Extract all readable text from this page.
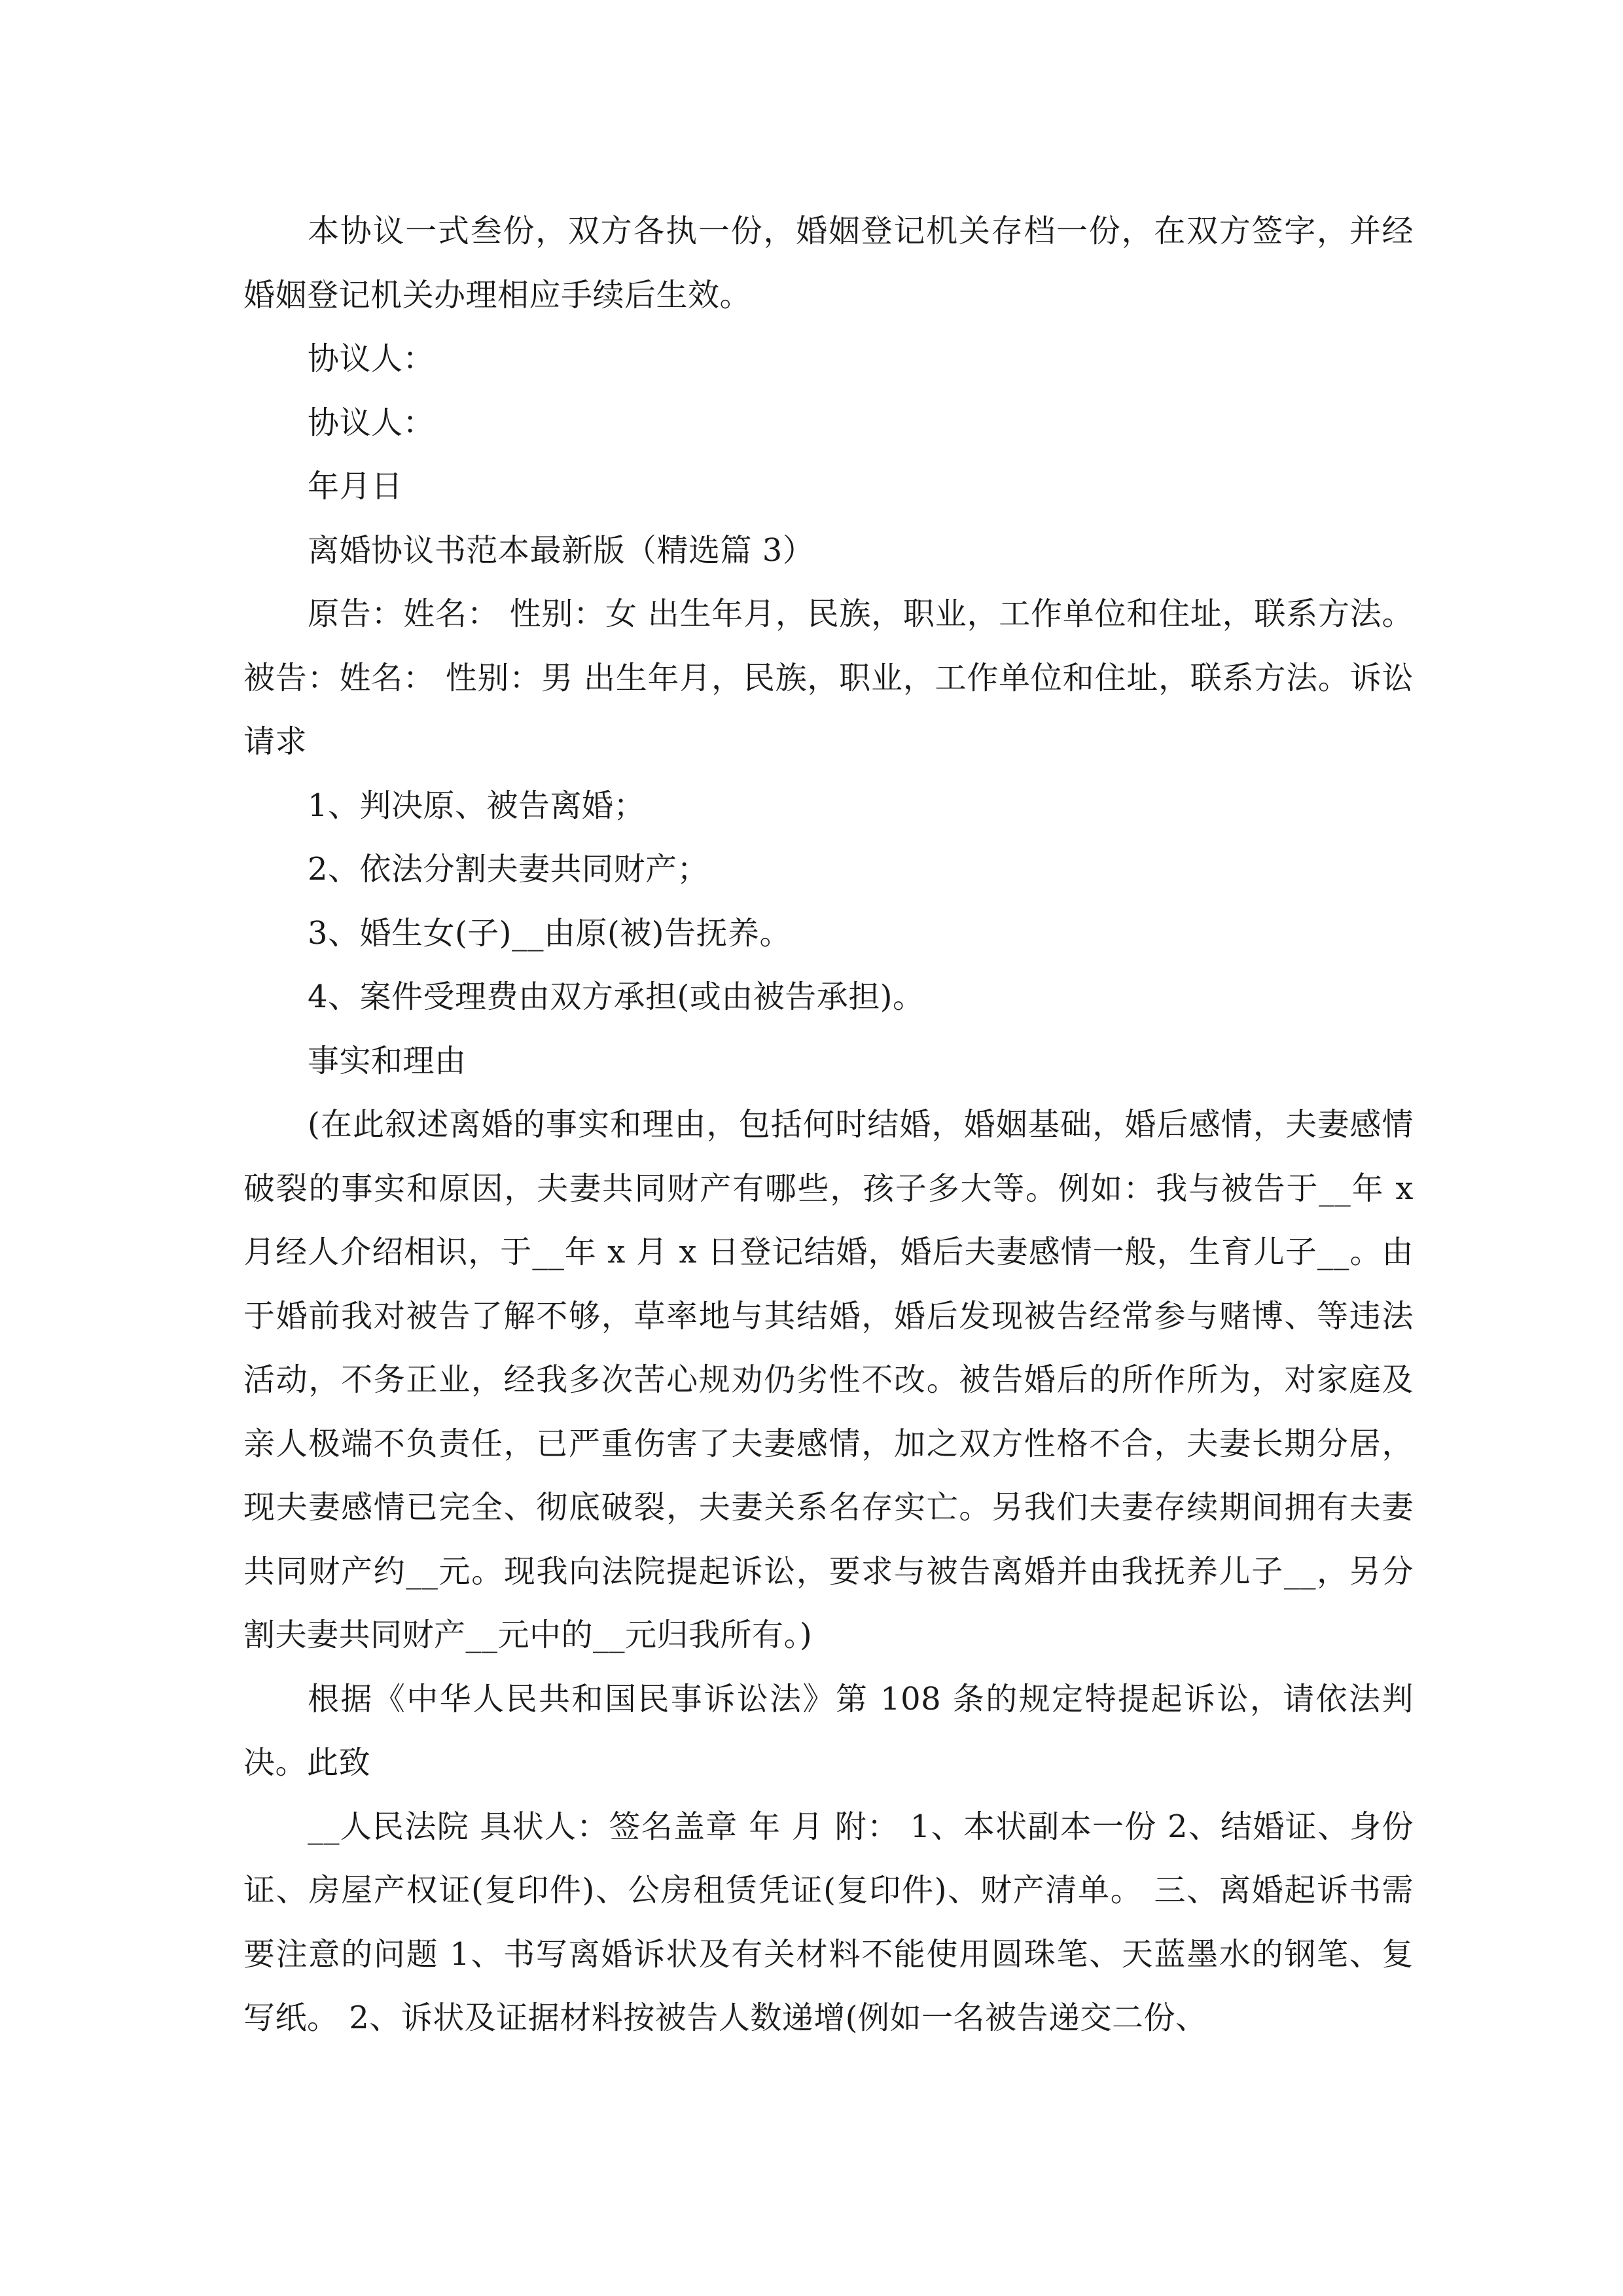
本协议一式叁份，双方各执一份，婚姻登记机关存档一份，在双方签字，并经婚姻登记机关办理相应手续后生效。

协议人：

协议人：

年月日

离婚协议书范本最新版（精选篇 3）

原告：姓名： 性别：女 出生年月，民族，职业，工作单位和住址，联系方法。被告：姓名： 性别：男 出生年月，民族，职业，工作单位和住址，联系方法。诉讼请求

1、判决原、被告离婚；

2、依法分割夫妻共同财产；

3、婚生女(子)__由原(被)告抚养。

4、案件受理费由双方承担(或由被告承担)。

事实和理由

(在此叙述离婚的事实和理由，包括何时结婚，婚姻基础，婚后感情，夫妻感情破裂的事实和原因，夫妻共同财产有哪些，孩子多大等。例如：我与被告于__年 x 月经人介绍相识，于__年 x 月 x 日登记结婚，婚后夫妻感情一般，生育儿子__。由于婚前我对被告了解不够，草率地与其结婚，婚后发现被告经常参与赌博、等违法活动，不务正业，经我多次苦心规劝仍劣性不改。被告婚后的所作所为，对家庭及亲人极端不负责任，已严重伤害了夫妻感情，加之双方性格不合，夫妻长期分居，现夫妻感情已完全、彻底破裂，夫妻关系名存实亡。另我们夫妻存续期间拥有夫妻共同财产约__元。现我向法院提起诉讼，要求与被告离婚并由我抚养儿子__，另分割夫妻共同财产__元中的__元归我所有。)

根据《中华人民共和国民事诉讼法》第 108 条的规定特提起诉讼，请依法判决。此致

__人民法院 具状人：签名盖章 年 月 附： 1、本状副本一份 2、结婚证、身份证、房屋产权证(复印件)、公房租赁凭证(复印件)、财产清单。 三、离婚起诉书需要注意的问题 1、书写离婚诉状及有关材料不能使用圆珠笔、天蓝墨水的钢笔、复写纸。 2、诉状及证据材料按被告人数递增(例如一名被告递交二份、
